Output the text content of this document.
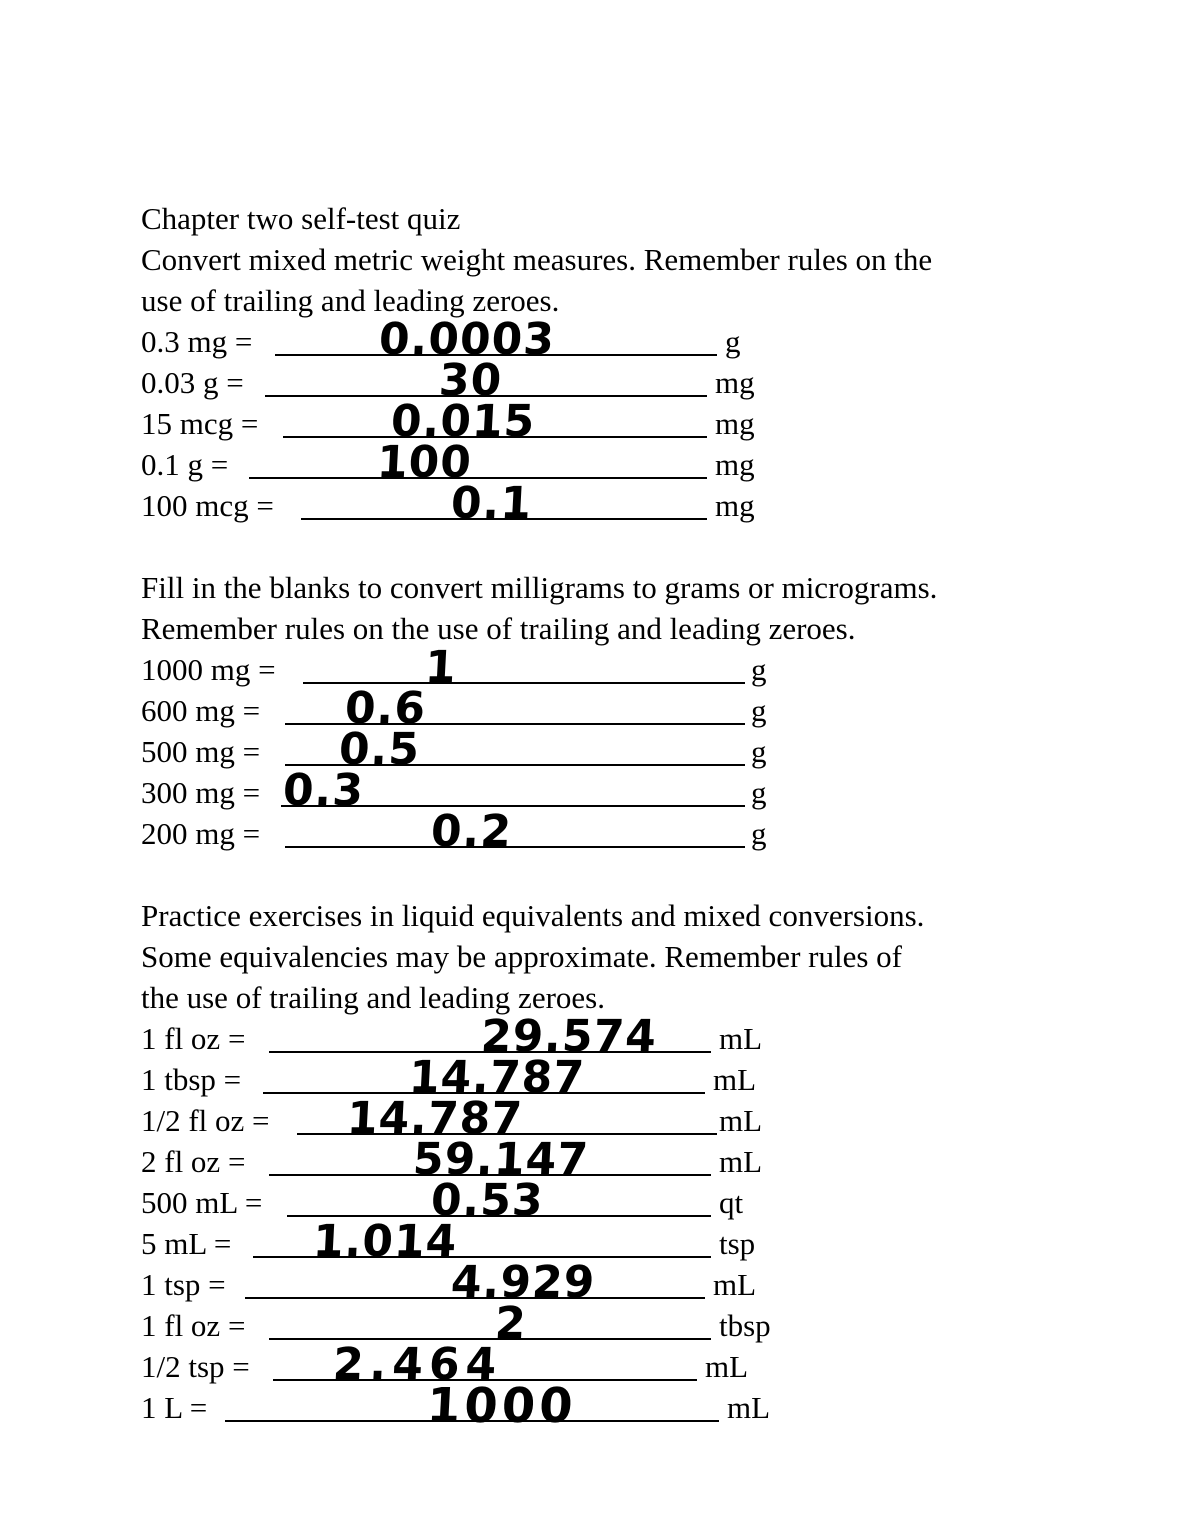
Chapter two self-test quiz
Convert mixed metric weight measures. Remember rules on the
use of trailing and leading zeroes.
0.3 mg =	0.0003	g
0.03 g =	30	mg
15 mcg =	0.015	mg
0.1 g =	100	mg
100 mcg =	0.1	mg
Fill in the blanks to convert milligrams to grams or micrograms.
Remember rules on the use of trailing and leading zeroes.
1000 mg =	1	g
600 mg = 0.6	g
500 mg = 0.5	g
300 mg = 0.3	g
200 mg =	0.2	g
Practice exercises in liquid equivalents and mixed conversions.
Some equivalencies may be approximate. Remember rules of
the use of trailing and leading zeroes.
1 fl oz =	29.574 mL
1 tbsp =	14.787	mL
1/2 fl oz = 14.787	mL
2 fl oz =	59.147	mL
500 mL =	0.53	qt
5 mL = 1.014	tsp
1 tsp =	4.929	mL
1 fl oz =	2	tbsp
1/2 tsp = 2.464	mL
1 L =	1000	mL
